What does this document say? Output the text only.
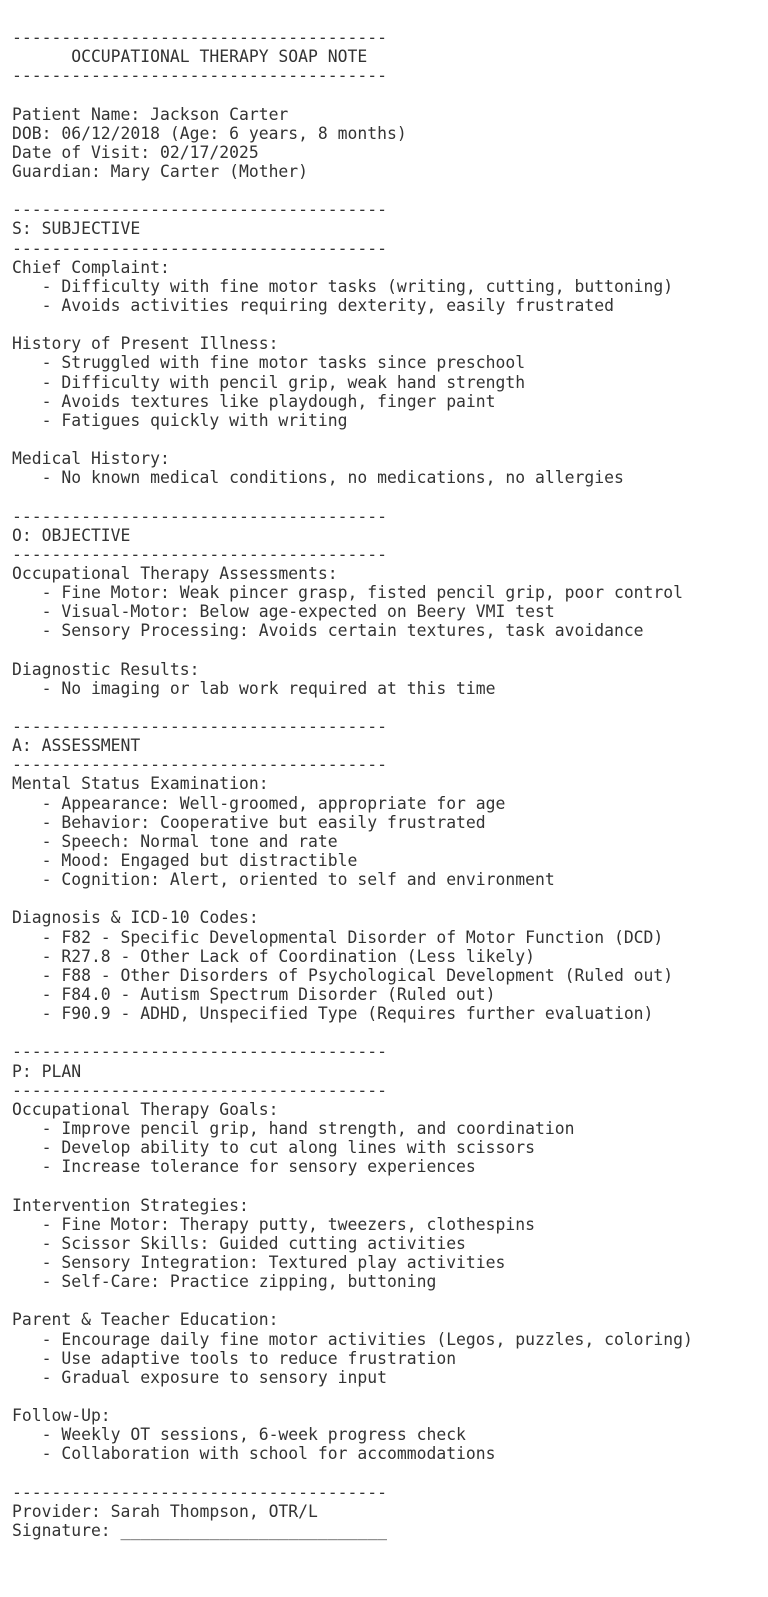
--------------------------------------
OCCUPATIONAL THERAPY SOAP NOTE
--------------------------------------
Patient Name: Jackson Carter
DOB: 06/12/2018 (Age: 6 years, 8 months)
Date of Visit: 02/17/2025
Guardian: Mary Carter (Mother)
--------------------------------------
S: SUBJECTIVE
--------------------------------------
Chief Complaint:
- Difficulty with fine motor tasks (writing, cutting, buttoning)
- Avoids activities requiring dexterity, easily frustrated
History of Present Illness:
- Struggled with fine motor tasks since preschool
- Difficulty with pencil grip, weak hand strength
- Avoids textures like playdough, finger paint
- Fatigues quickly with writing
Medical History:
- No known medical conditions, no medications, no allergies
--------------------------------------
O: OBJECTIVE
--------------------------------------
Occupational Therapy Assessments:
- Fine Motor: Weak pincer grasp, fisted pencil grip, poor control
- Visual-Motor: Below age-expected on Beery VMI test
- Sensory Processing: Avoids certain textures, task avoidance
Diagnostic Results:
- No imaging or lab work required at this time
--------------------------------------
A: ASSESSMENT
--------------------------------------
Mental Status Examination:
- Appearance: Well-groomed, appropriate for age
- Behavior: Cooperative but easily frustrated
- Speech: Normal tone and rate
- Mood: Engaged but distractible
- Cognition: Alert, oriented to self and environment
Diagnosis & ICD-10 Codes:
- F82 - Specific Developmental Disorder of Motor Function (DCD)
- R27.8 - Other Lack of Coordination (Less likely)
- F88 - Other Disorders of Psychological Development (Ruled out)
- F84.0 - Autism Spectrum Disorder (Ruled out)
- F90.9 - ADHD, Unspecified Type (Requires further evaluation)
--------------------------------------
P: PLAN
--------------------------------------
Occupational Therapy Goals:
- Improve pencil grip, hand strength, and coordination
- Develop ability to cut along lines with scissors
- Increase tolerance for sensory experiences
Intervention Strategies:
- Fine Motor: Therapy putty, tweezers, clothespins
- Scissor Skills: Guided cutting activities
- Sensory Integration: Textured play activities
- Self-Care: Practice zipping, buttoning
Parent & Teacher Education:
- Encourage daily fine motor activities (Legos, puzzles, coloring)
- Use adaptive tools to reduce frustration
- Gradual exposure to sensory input
Follow-Up:
- Weekly OT sessions, 6-week progress check
- Collaboration with school for accommodations
--------------------------------------
Provider: Sarah Thompson, OTR/L
Signature: ___________________________
